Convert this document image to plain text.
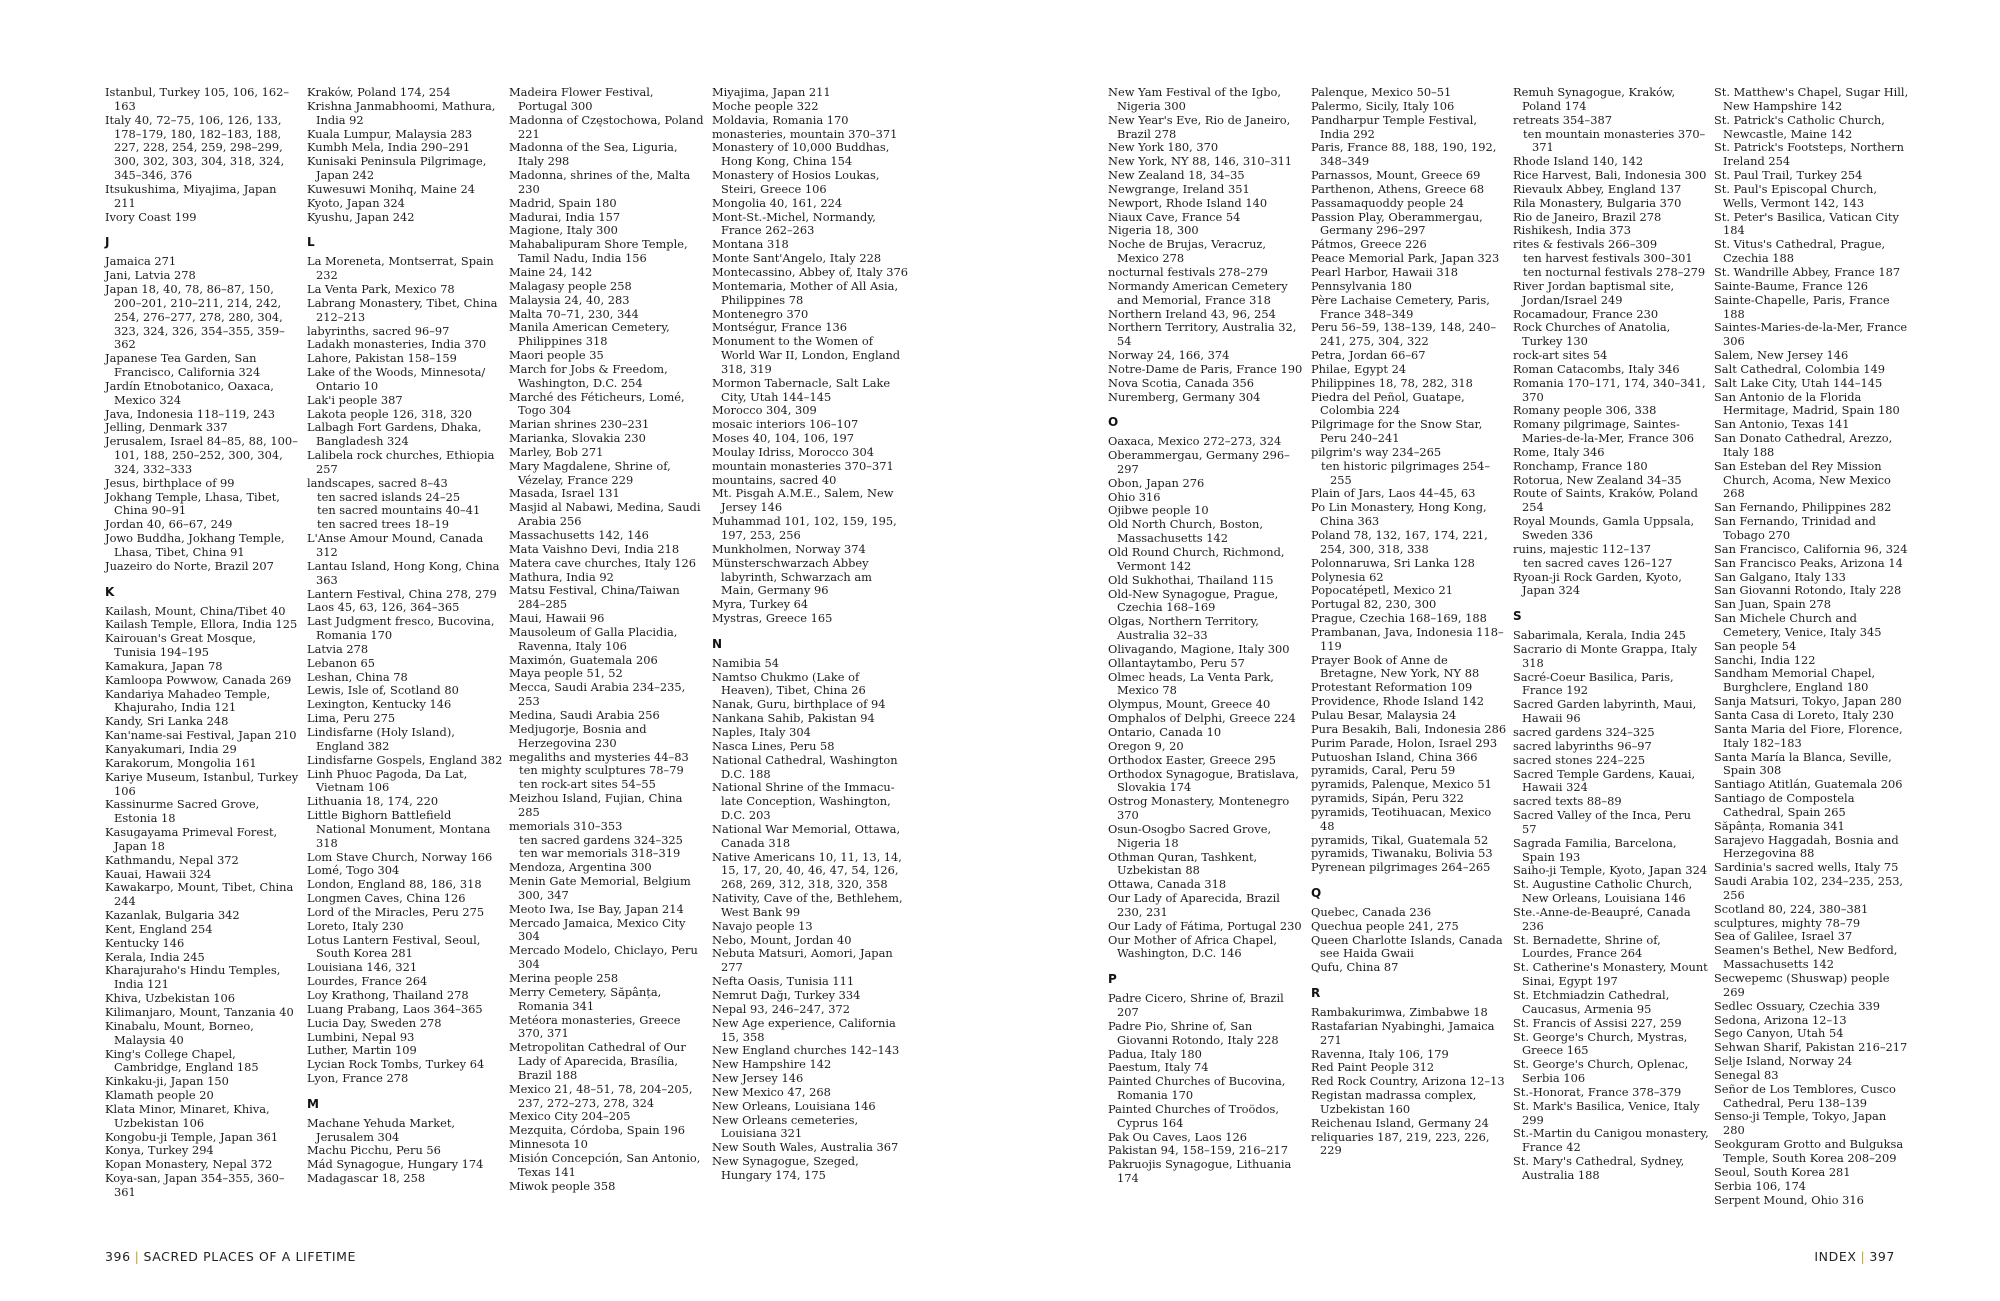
Istanbul, Turkey 105, 106, 162–163
Italy 40, 72–75, 106, 126, 133, 178–179, 180, 182–183, 188, 227, 228, 254, 259, 298–299, 300, 302, 303, 304, 318, 324, 345–346, 376
Itsukushima, Miyajima, Japan 211
Ivory Coast 199
J
Jamaica 271
Jani, Latvia 278
Japan 18, 40, 78, 86–87, 150, 200–201, 210–211, 214, 242, 254, 276–277, 278, 280, 304, 323, 324, 326, 354–355, 359–362
Japanese Tea Garden, San Francisco, California 324
Jardín Etnobotanico, Oaxaca, Mexico 324
Java, Indonesia 118–119, 243
Jelling, Denmark 337
Jerusalem, Israel 84–85, 88, 100–101, 188, 250–252, 300, 304, 324, 332–333
Jesus, birthplace of 99
Jokhang Temple, Lhasa, Tibet, China 90–91
Jordan 40, 66–67, 249
Jowo Buddha, Jokhang Temple, Lhasa, Tibet, China 91
Juazeiro do Norte, Brazil 207
K
Kailash, Mount, China/Tibet 40
Kailash Temple, Ellora, India 125
Kairouan's Great Mosque, Tunisia 194–195
Kamakura, Japan 78
Kamloopa Powwow, Canada 269
Kandariya Mahadeo Temple, Khajuraho, India 121
Kandy, Sri Lanka 248
Kan'name-sai Festival, Japan 210
Kanyakumari, India 29
Karakorum, Mongolia 161
Kariye Museum, Istanbul, Turkey 106
Kassinurme Sacred Grove, Estonia 18
Kasugayama Primeval Forest, Japan 18
Kathmandu, Nepal 372
Kauai, Hawaii 324
Kawakarpo, Mount, Tibet, China 244
Kazanlak, Bulgaria 342
Kent, England 254
Kentucky 146
Kerala, India 245
Kharajuraho's Hindu Temples, India 121
Khiva, Uzbekistan 106
Kilimanjaro, Mount, Tanzania 40
Kinabalu, Mount, Borneo, Malaysia 40
King's College Chapel, Cambridge, England 185
Kinkaku-ji, Japan 150
Klamath people 20
Klata Minor, Minaret, Khiva, Uzbekistan 106
Kongobu-ji Temple, Japan 361
Konya, Turkey 294
Kopan Monastery, Nepal 372
Koya-san, Japan 354–355, 360–361
Kraków, Poland 174, 254
Krishna Janmabhoomi, Mathura, India 92
Kuala Lumpur, Malaysia 283
Kumbh Mela, India 290–291
Kunisaki Peninsula Pilgrimage, Japan 242
Kuwesuwi Monihq, Maine 24
Kyoto, Japan 324
Kyushu, Japan 242
L
La Moreneta, Montserrat, Spain 232
La Venta Park, Mexico 78
Labrang Monastery, Tibet, China 212–213
labyrinths, sacred 96–97
Ladakh monasteries, India 370
Lahore, Pakistan 158–159
Lake of the Woods, Minnesota/ Ontario 10
Lak'i people 387
Lakota people 126, 318, 320
Lalbagh Fort Gardens, Dhaka, Bangladesh 324
Lalibela rock churches, Ethiopia 257
landscapes, sacred 8–43
ten sacred islands 24–25
ten sacred mountains 40–41
ten sacred trees 18–19
L'Anse Amour Mound, Canada 312
Lantau Island, Hong Kong, China 363
Lantern Festival, China 278, 279
Laos 45, 63, 126, 364–365
Last Judgment fresco, Bucovina, Romania 170
Latvia 278
Lebanon 65
Leshan, China 78
Lewis, Isle of, Scotland 80
Lexington, Kentucky 146
Lima, Peru 275
Lindisfarne (Holy Island), England 382
Lindisfarne Gospels, England 382
Linh Phuoc Pagoda, Da Lat, Vietnam 106
Lithuania 18, 174, 220
Little Bighorn Battlefield National Monument, Montana 318
Lom Stave Church, Norway 166
Lomé, Togo 304
London, England 88, 186, 318
Longmen Caves, China 126
Lord of the Miracles, Peru 275
Loreto, Italy 230
Lotus Lantern Festival, Seoul, South Korea 281
Louisiana 146, 321
Lourdes, France 264
Loy Krathong, Thailand 278
Luang Prabang, Laos 364–365
Lucia Day, Sweden 278
Lumbini, Nepal 93
Luther, Martin 109
Lycian Rock Tombs, Turkey 64
Lyon, France 278
M
Machane Yehuda Market, Jerusalem 304
Machu Picchu, Peru 56
Mád Synagogue, Hungary 174
Madagascar 18, 258
Madeira Flower Festival, Portugal 300
Madonna of Częstochowa, Poland 221
Madonna of the Sea, Liguria, Italy 298
Madonna, shrines of the, Malta 230
Madrid, Spain 180
Madurai, India 157
Magione, Italy 300
Mahabalipuram Shore Temple, Tamil Nadu, India 156
Maine 24, 142
Malagasy people 258
Malaysia 24, 40, 283
Malta 70–71, 230, 344
Manila American Cemetery, Philippines 318
Maori people 35
March for Jobs & Freedom, Washington, D.C. 254
Marché des Féticheurs, Lomé, Togo 304
Marian shrines 230–231
Marianka, Slovakia 230
Marley, Bob 271
Mary Magdalene, Shrine of, Vézelay, France 229
Masada, Israel 131
Masjid al Nabawi, Medina, Saudi Arabia 256
Massachusetts 142, 146
Mata Vaishno Devi, India 218
Matera cave churches, Italy 126
Mathura, India 92
Matsu Festival, China/Taiwan 284–285
Maui, Hawaii 96
Mausoleum of Galla Placidia, Ravenna, Italy 106
Maximón, Guatemala 206
Maya people 51, 52
Mecca, Saudi Arabia 234–235, 253
Medina, Saudi Arabia 256
Medjugorje, Bosnia and Herzegovina 230
megaliths and mysteries 44–83
ten mighty sculptures 78–79
ten rock-art sites 54–55
Meizhou Island, Fujian, China 285
memorials 310–353
ten sacred gardens 324–325
ten war memorials 318–319
Mendoza, Argentina 300
Menin Gate Memorial, Belgium 300, 347
Meoto Iwa, Ise Bay, Japan 214
Mercado Jamaica, Mexico City 304
Mercado Modelo, Chiclayo, Peru 304
Merina people 258
Merry Cemetery, Săpânța, Romania 341
Metéora monasteries, Greece 370, 371
Metropolitan Cathedral of Our Lady of Aparecida, Brasília, Brazil 188
Mexico 21, 48–51, 78, 204–205, 237, 272–273, 278, 324
Mexico City 204–205
Mezquita, Córdoba, Spain 196
Minnesota 10
Misión Concepción, San Antonio, Texas 141
Miwok people 358
Miyajima, Japan 211
Moche people 322
Moldavia, Romania 170
monasteries, mountain 370–371
Monastery of 10,000 Buddhas, Hong Kong, China 154
Monastery of Hosios Loukas, Steiri, Greece 106
Mongolia 40, 161, 224
Mont-St.-Michel, Normandy, France 262–263
Montana 318
Monte Sant'Angelo, Italy 228
Montecassino, Abbey of, Italy 376
Montemaria, Mother of All Asia, Philippines 78
Montenegro 370
Montségur, France 136
Monument to the Women of World War II, London, England 318, 319
Mormon Tabernacle, Salt Lake City, Utah 144–145
Morocco 304, 309
mosaic interiors 106–107
Moses 40, 104, 106, 197
Moulay Idriss, Morocco 304
mountain monasteries 370–371
mountains, sacred 40
Mt. Pisgah A.M.E., Salem, New Jersey 146
Muhammad 101, 102, 159, 195, 197, 253, 256
Munkholmen, Norway 374
Münsterschwarzach Abbey labyrinth, Schwarzach am Main, Germany 96
Myra, Turkey 64
Mystras, Greece 165
N
Namibia 54
Namtso Chukmo (Lake of Heaven), Tibet, China 26
Nanak, Guru, birthplace of 94
Nankana Sahib, Pakistan 94
Naples, Italy 304
Nasca Lines, Peru 58
National Cathedral, Washington D.C. 188
National Shrine of the Immacu-late Conception, Washington, D.C. 203
National War Memorial, Ottawa, Canada 318
Native Americans 10, 11, 13, 14, 15, 17, 20, 40, 46, 47, 54, 126, 268, 269, 312, 318, 320, 358
Nativity, Cave of the, Bethlehem, West Bank 99
Navajo people 13
Nebo, Mount, Jordan 40
Nebuta Matsuri, Aomori, Japan 277
Nefta Oasis, Tunisia 111
Nemrut Dağı, Turkey 334
Nepal 93, 246–247, 372
New Age experience, California 15, 358
New England churches 142–143
New Hampshire 142
New Jersey 146
New Mexico 47, 268
New Orleans, Louisiana 146
New Orleans cemeteries, Louisiana 321
New South Wales, Australia 367
New Synagogue, Szeged, Hungary 174, 175
New Yam Festival of the Igbo, Nigeria 300
New Year's Eve, Rio de Janeiro, Brazil 278
New York 180, 370
New York, NY 88, 146, 310–311
New Zealand 18, 34–35
Newgrange, Ireland 351
Newport, Rhode Island 140
Niaux Cave, France 54
Nigeria 18, 300
Noche de Brujas, Veracruz, Mexico 278
nocturnal festivals 278–279
Normandy American Cemetery and Memorial, France 318
Northern Ireland 43, 96, 254
Northern Territory, Australia 32, 54
Norway 24, 166, 374
Notre-Dame de Paris, France 190
Nova Scotia, Canada 356
Nuremberg, Germany 304
O
Oaxaca, Mexico 272–273, 324
Oberammergau, Germany 296–297
Obon, Japan 276
Ohio 316
Ojibwe people 10
Old North Church, Boston, Massachusetts 142
Old Round Church, Richmond, Vermont 142
Old Sukhothai, Thailand 115
Old-New Synagogue, Prague, Czechia 168–169
Olgas, Northern Territory, Australia 32–33
Olivagando, Magione, Italy 300
Ollantaytambo, Peru 57
Olmec heads, La Venta Park, Mexico 78
Olympus, Mount, Greece 40
Omphalos of Delphi, Greece 224
Ontario, Canada 10
Oregon 9, 20
Orthodox Easter, Greece 295
Orthodox Synagogue, Bratislava, Slovakia 174
Ostrog Monastery, Montenegro 370
Osun-Osogbo Sacred Grove, Nigeria 18
Othman Quran, Tashkent, Uzbekistan 88
Ottawa, Canada 318
Our Lady of Aparecida, Brazil 230, 231
Our Lady of Fátima, Portugal 230
Our Mother of Africa Chapel, Washington, D.C. 146
P
Padre Cicero, Shrine of, Brazil 207
Padre Pio, Shrine of, San Giovanni Rotondo, Italy 228
Padua, Italy 180
Paestum, Italy 74
Painted Churches of Bucovina, Romania 170
Painted Churches of Troödos, Cyprus 164
Pak Ou Caves, Laos 126
Pakistan 94, 158–159, 216–217
Pakruojis Synagogue, Lithuania 174
Palenque, Mexico 50–51
Palermo, Sicily, Italy 106
Pandharpur Temple Festival, India 292
Paris, France 88, 188, 190, 192, 348–349
Parnassos, Mount, Greece 69
Parthenon, Athens, Greece 68
Passamaquoddy people 24
Passion Play, Oberammergau, Germany 296–297
Pátmos, Greece 226
Peace Memorial Park, Japan 323
Pearl Harbor, Hawaii 318
Pennsylvania 180
Père Lachaise Cemetery, Paris, France 348–349
Peru 56–59, 138–139, 148, 240–241, 275, 304, 322
Petra, Jordan 66–67
Philae, Egypt 24
Philippines 18, 78, 282, 318
Piedra del Peñol, Guatape, Colombia 224
Pilgrimage for the Snow Star, Peru 240–241
pilgrim's way 234–265
ten historic pilgrimages 254–255
Plain of Jars, Laos 44–45, 63
Po Lin Monastery, Hong Kong, China 363
Poland 78, 132, 167, 174, 221, 254, 300, 318, 338
Polonnaruwa, Sri Lanka 128
Polynesia 62
Popocatépetl, Mexico 21
Portugal 82, 230, 300
Prague, Czechia 168–169, 188
Prambanan, Java, Indonesia 118–119
Prayer Book of Anne de Bretagne, New York, NY 88
Protestant Reformation 109
Providence, Rhode Island 142
Pulau Besar, Malaysia 24
Pura Besakih, Bali, Indonesia 286
Purim Parade, Holon, Israel 293
Putuoshan Island, China 366
pyramids, Caral, Peru 59
pyramids, Palenque, Mexico 51
pyramids, Sipán, Peru 322
pyramids, Teotihuacan, Mexico 48
pyramids, Tikal, Guatemala 52
pyramids, Tiwanaku, Bolivia 53
Pyrenean pilgrimages 264–265
Q
Quebec, Canada 236
Quechua people 241, 275
Queen Charlotte Islands, Canada see Haida Gwaii
Qufu, China 87
R
Rambakurimwa, Zimbabwe 18
Rastafarian Nyabinghi, Jamaica 271
Ravenna, Italy 106, 179
Red Paint People 312
Red Rock Country, Arizona 12–13
Registan madrassa complex, Uzbekistan 160
Reichenau Island, Germany 24
reliquaries 187, 219, 223, 226, 229
Remuh Synagogue, Kraków, Poland 174
retreats 354–387
ten mountain monasteries 370–371
Rhode Island 140, 142
Rice Harvest, Bali, Indonesia 300
Rievaulx Abbey, England 137
Rila Monastery, Bulgaria 370
Rio de Janeiro, Brazil 278
Rishikesh, India 373
rites & festivals 266–309
ten harvest festivals 300–301
ten nocturnal festivals 278–279
River Jordan baptismal site, Jordan/Israel 249
Rocamadour, France 230
Rock Churches of Anatolia, Turkey 130
rock-art sites 54
Roman Catacombs, Italy 346
Romania 170–171, 174, 340–341, 370
Romany people 306, 338
Romany pilgrimage, Saintes-Maries-de-la-Mer, France 306
Rome, Italy 346
Ronchamp, France 180
Rotorua, New Zealand 34–35
Route of Saints, Kraków, Poland 254
Royal Mounds, Gamla Uppsala, Sweden 336
ruins, majestic 112–137
ten sacred caves 126–127
Ryoan-ji Rock Garden, Kyoto, Japan 324
S
Sabarimala, Kerala, India 245
Sacrario di Monte Grappa, Italy 318
Sacré-Coeur Basilica, Paris, France 192
Sacred Garden labyrinth, Maui, Hawaii 96
sacred gardens 324–325
sacred labyrinths 96–97
sacred stones 224–225
Sacred Temple Gardens, Kauai, Hawaii 324
sacred texts 88–89
Sacred Valley of the Inca, Peru 57
Sagrada Familia, Barcelona, Spain 193
Saiho-ji Temple, Kyoto, Japan 324
St. Augustine Catholic Church, New Orleans, Louisiana 146
Ste.-Anne-de-Beaupré, Canada 236
St. Bernadette, Shrine of, Lourdes, France 264
St. Catherine's Monastery, Mount Sinai, Egypt 197
St. Etchmiadzin Cathedral, Caucasus, Armenia 95
St. Francis of Assisi 227, 259
St. George's Church, Mystras, Greece 165
St. George's Church, Oplenac, Serbia 106
St.-Honorat, France 378–379
St. Mark's Basilica, Venice, Italy 299
St.-Martin du Canigou monastery, France 42
St. Mary's Cathedral, Sydney, Australia 188
St. Matthew's Chapel, Sugar Hill, New Hampshire 142
St. Patrick's Catholic Church, Newcastle, Maine 142
St. Patrick's Footsteps, Northern Ireland 254
St. Paul Trail, Turkey 254
St. Paul's Episcopal Church, Wells, Vermont 142, 143
St. Peter's Basilica, Vatican City 184
St. Vitus's Cathedral, Prague, Czechia 188
St. Wandrille Abbey, France 187
Sainte-Baume, France 126
Sainte-Chapelle, Paris, France 188
Saintes-Maries-de-la-Mer, France 306
Salem, New Jersey 146
Salt Cathedral, Colombia 149
Salt Lake City, Utah 144–145
San Antonio de la Florida Hermitage, Madrid, Spain 180
San Antonio, Texas 141
San Donato Cathedral, Arezzo, Italy 188
San Esteban del Rey Mission Church, Acoma, New Mexico 268
San Fernando, Philippines 282
San Fernando, Trinidad and Tobago 270
San Francisco, California 96, 324
San Francisco Peaks, Arizona 14
San Galgano, Italy 133
San Giovanni Rotondo, Italy 228
San Juan, Spain 278
San Michele Church and Cemetery, Venice, Italy 345
San people 54
Sanchi, India 122
Sandham Memorial Chapel, Burghclere, England 180
Sanja Matsuri, Tokyo, Japan 280
Santa Casa di Loreto, Italy 230
Santa Maria del Fiore, Florence, Italy 182–183
Santa María la Blanca, Seville, Spain 308
Santiago Atitlán, Guatemala 206
Santiago de Compostela Cathedral, Spain 265
Săpânța, Romania 341
Sarajevo Haggadah, Bosnia and Herzegovina 88
Sardinia's sacred wells, Italy 75
Saudi Arabia 102, 234–235, 253, 256
Scotland 80, 224, 380–381
sculptures, mighty 78–79
Sea of Galilee, Israel 37
Seamen's Bethel, New Bedford, Massachusetts 142
Secwepemc (Shuswap) people 269
Sedlec Ossuary, Czechia 339
Sedona, Arizona 12–13
Sego Canyon, Utah 54
Sehwan Sharif, Pakistan 216–217
Selje Island, Norway 24
Senegal 83
Señor de Los Temblores, Cusco Cathedral, Peru 138–139
Senso-ji Temple, Tokyo, Japan 280
Seokguram Grotto and Bulguksa Temple, South Korea 208–209
Seoul, South Korea 281
Serbia 106, 174
Serpent Mound, Ohio 316
396 | SACRED PLACES OF A LIFETIME	INDEX | 397
